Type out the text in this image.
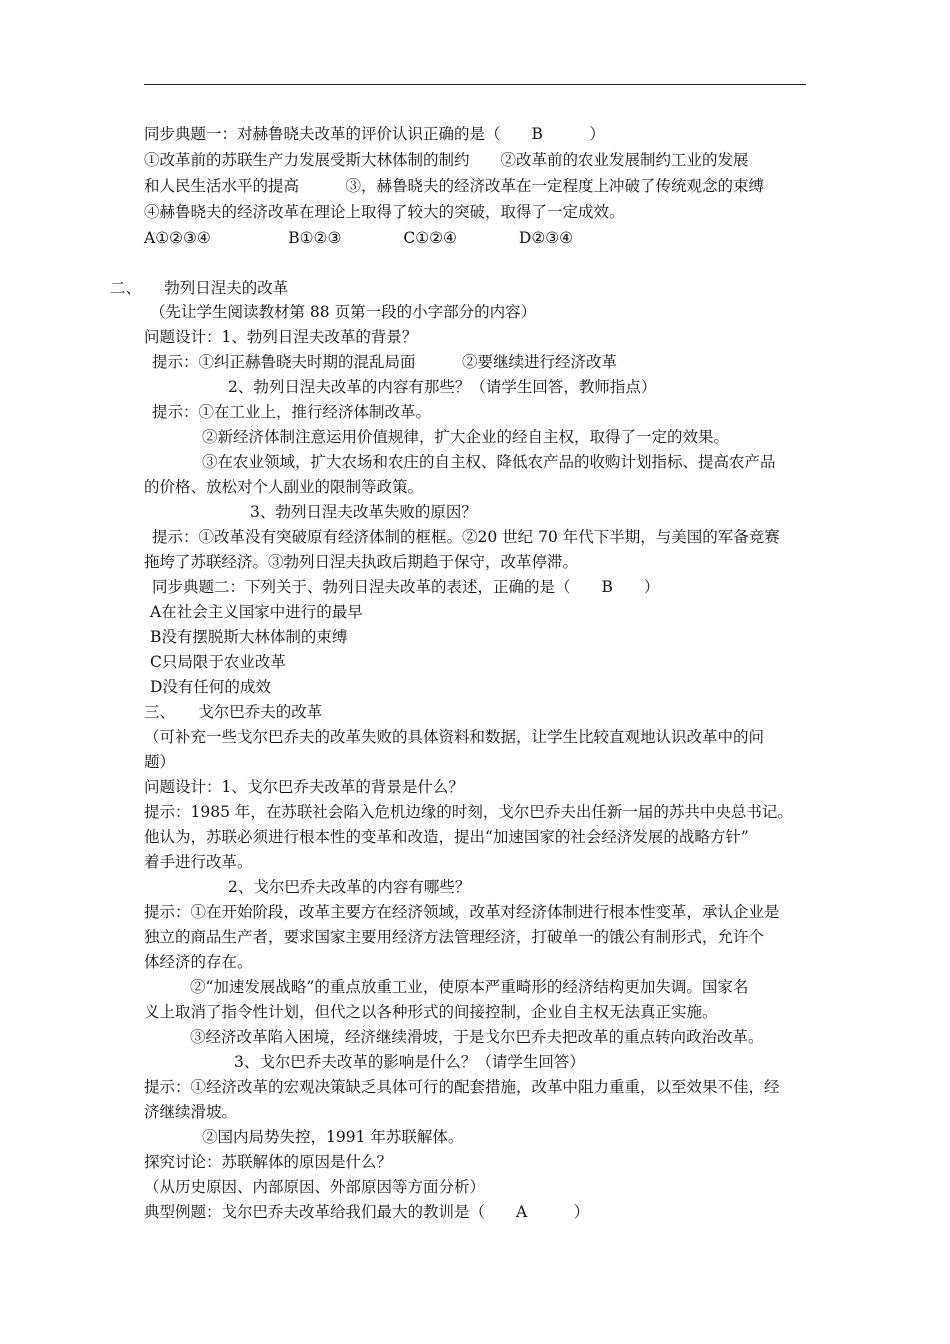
同步典题一：对赫鲁晓夫改革的评价认识正确的是（　　B　　　）
①改革前的苏联生产力发展受斯大林体制的制约　　②改革前的农业发展制约工业的发展
和人民生活水平的提高　　　③，赫鲁晓夫的经济改革在一定程度上冲破了传统观念的束缚
④赫鲁晓夫的经济改革在理论上取得了较大的突破，取得了一定成效。
A①②③④　　　　　B①②③　　　　C①②④　　　　D②③④
二、　　勃列日涅夫的改革
（先让学生阅读教材第 88 页第一段的小字部分的内容）
问题设计：1、勃列日涅夫改革的背景？
提示：①纠正赫鲁晓夫时期的混乱局面　　　②要继续进行经济改革
2、勃列日涅夫改革的内容有那些？（请学生回答，教师指点）
提示：①在工业上，推行经济体制改革。
②新经济体制注意运用价值规律，扩大企业的经自主权，取得了一定的效果。
③在农业领域，扩大农场和农庄的自主权、降低农产品的收购计划指标、提高农产品
的价格、放松对个人副业的限制等政策。
3、勃列日涅夫改革失败的原因？
提示：①改革没有突破原有经济体制的框框。②20 世纪 70 年代下半期，与美国的军备竞赛
拖垮了苏联经济。③勃列日涅夫执政后期趋于保守，改革停滞。
同步典题二：下列关于、勃列日涅夫改革的表述，正确的是（　　B　　）
A在社会主义国家中进行的最早
B没有摆脱斯大林体制的束缚
C只局限于农业改革
D没有任何的成效
三、　　戈尔巴乔夫的改革
（可补充一些戈尔巴乔夫的改革失败的具体资料和数据，让学生比较直观地认识改革中的问
题）
问题设计：1、戈尔巴乔夫改革的背景是什么？
提示：1985 年，在苏联社会陷入危机边缘的时刻，戈尔巴乔夫出任新一届的苏共中央总书记。
他认为，苏联必须进行根本性的变革和改造，提出“加速国家的社会经济发展的战略方针”
着手进行改革。
2、戈尔巴乔夫改革的内容有哪些？
提示：①在开始阶段，改革主要方在经济领域，改革对经济体制进行根本性变革，承认企业是
独立的商品生产者，要求国家主要用经济方法管理经济，打破单一的饿公有制形式，允许个
体经济的存在。
②“加速发展战略”的重点放重工业，使原本严重畸形的经济结构更加失调。国家名
义上取消了指令性计划，但代之以各种形式的间接控制，企业自主权无法真正实施。
③经济改革陷入困境，经济继续滑坡，于是戈尔巴乔夫把改革的重点转向政治改革。
3、戈尔巴乔夫改革的影响是什么？（请学生回答）
提示：①经济改革的宏观决策缺乏具体可行的配套措施，改革中阻力重重，以至效果不佳，经
济继续滑坡。
②国内局势失控，1991 年苏联解体。
探究讨论：苏联解体的原因是什么？
（从历史原因、内部原因、外部原因等方面分析）
典型例题：戈尔巴乔夫改革给我们最大的教训是（　　A　　　）
